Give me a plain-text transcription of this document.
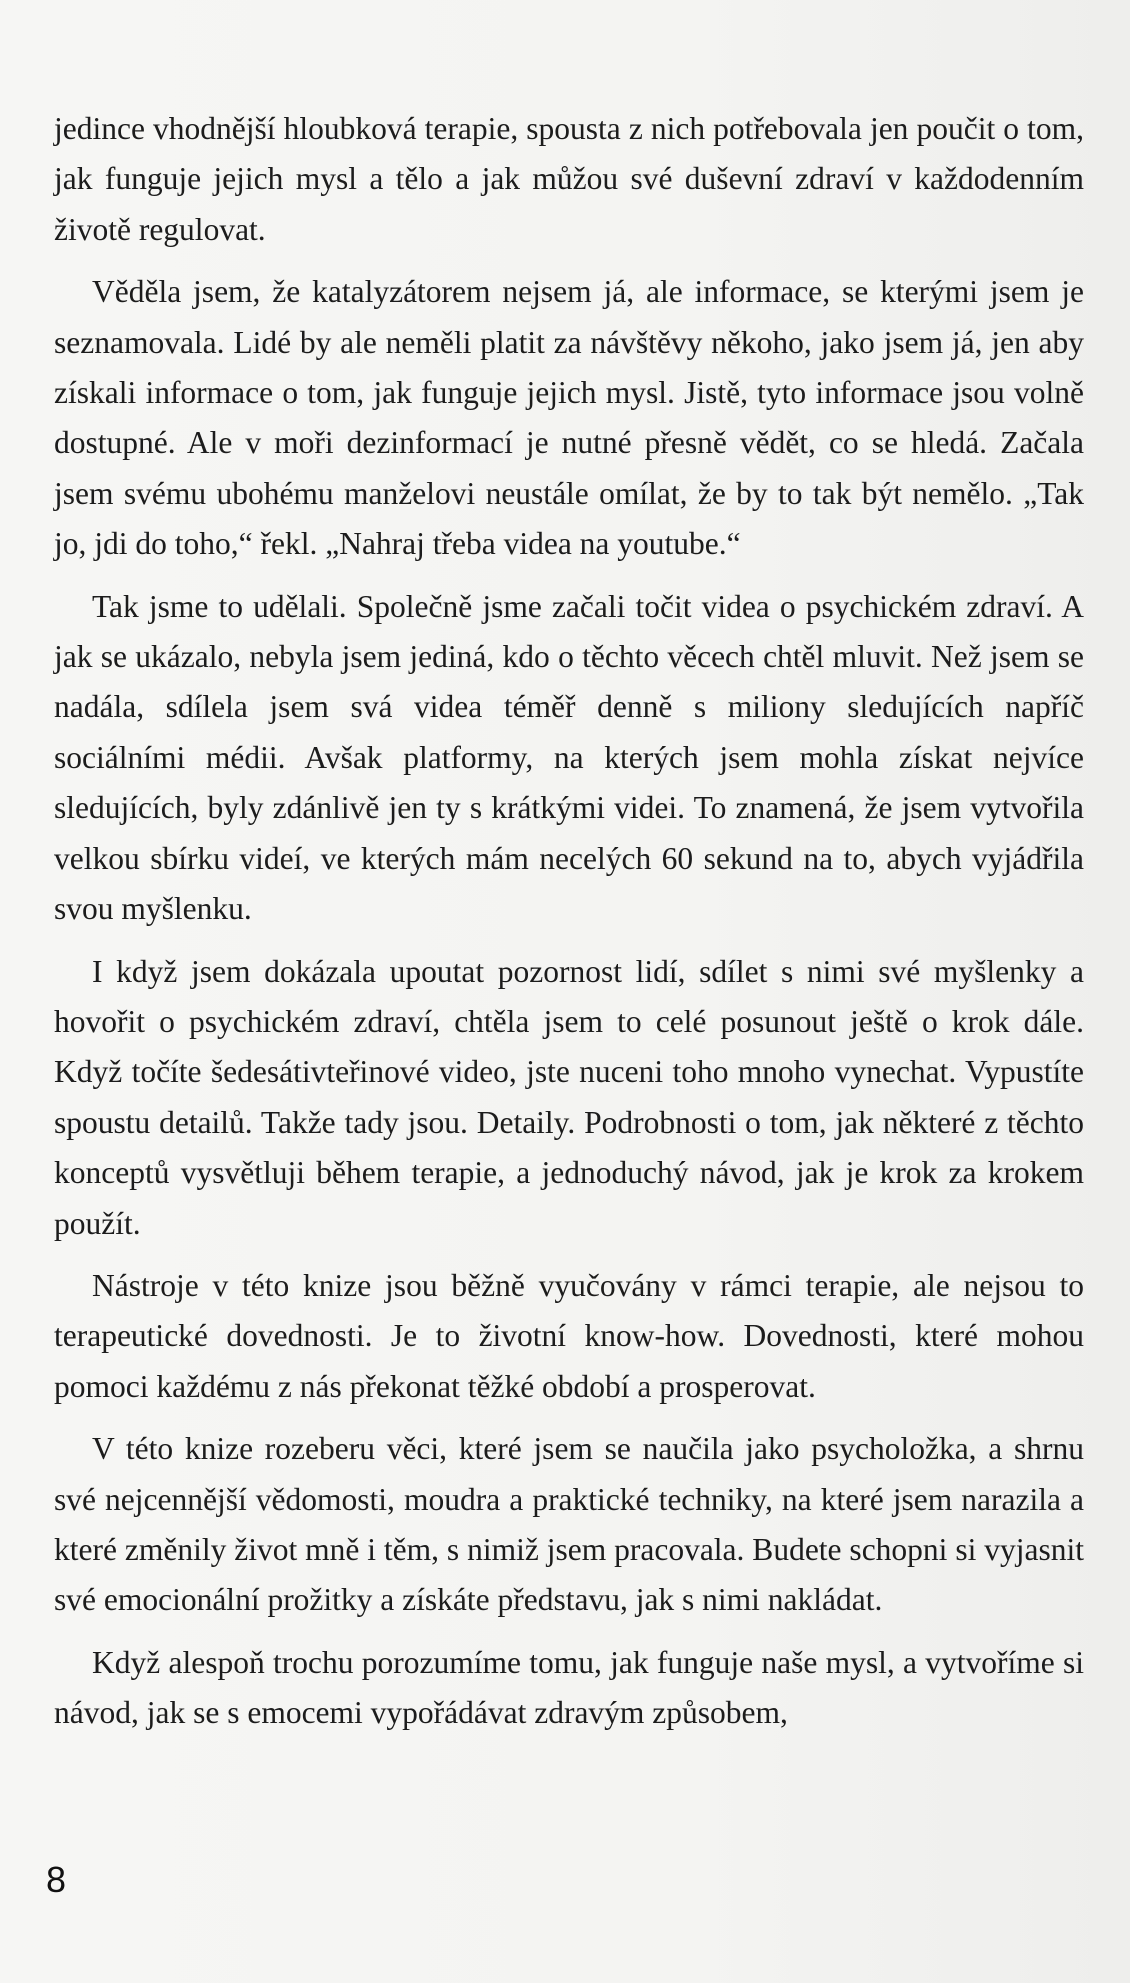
jedince vhodnější hloubková terapie, spousta z nich potřebovala jen poučit o tom, jak funguje jejich mysl a tělo a jak můžou své duševní zdraví v každodenním životě regulovat.

Věděla jsem, že katalyzátorem nejsem já, ale informace, se kterými jsem je seznamovala. Lidé by ale neměli platit za návštěvy někoho, jako jsem já, jen aby získali informace o tom, jak funguje jejich mysl. Jistě, tyto informace jsou volně dostupné. Ale v moři dezinformací je nutné přesně vědět, co se hledá. Začala jsem svému ubohému manželovi neustále omílat, že by to tak být nemělo. „Tak jo, jdi do toho,“ řekl. „Nahraj třeba videa na youtube.“

Tak jsme to udělali. Společně jsme začali točit videa o psychickém zdraví. A jak se ukázalo, nebyla jsem jediná, kdo o těchto věcech chtěl mluvit. Než jsem se nadála, sdílela jsem svá videa téměř denně s miliony sledujících napříč sociálními médii. Avšak platformy, na kterých jsem mohla získat nejvíce sledujících, byly zdánlivě jen ty s krátkými videi. To znamená, že jsem vytvořila velkou sbírku videí, ve kterých mám necelých 60 sekund na to, abych vyjádřila svou myšlenku.

I když jsem dokázala upoutat pozornost lidí, sdílet s nimi své myšlenky a hovořit o psychickém zdraví, chtěla jsem to celé posunout ještě o krok dále. Když točíte šedesátivteřinové video, jste nuceni toho mnoho vynechat. Vypustíte spoustu detailů. Takže tady jsou. Detaily. Podrobnosti o tom, jak některé z těchto konceptů vysvětluji během terapie, a jednoduchý návod, jak je krok za krokem použít.

Nástroje v této knize jsou běžně vyučovány v rámci terapie, ale nejsou to terapeutické dovednosti. Je to životní know-how. Dovednosti, které mohou pomoci každému z nás překonat těžké období a prosperovat.

V této knize rozeberu věci, které jsem se naučila jako psycholožka, a shrnu své nejcennější vědomosti, moudra a praktické techniky, na které jsem narazila a které změnily život mně i těm, s nimiž jsem pracovala. Budete schopni si vyjasnit své emocionální prožitky a získáte představu, jak s nimi nakládat.

Když alespoň trochu porozumíme tomu, jak funguje naše mysl, a vytvoříme si návod, jak se s emocemi vypořádávat zdravým způsobem,

8
